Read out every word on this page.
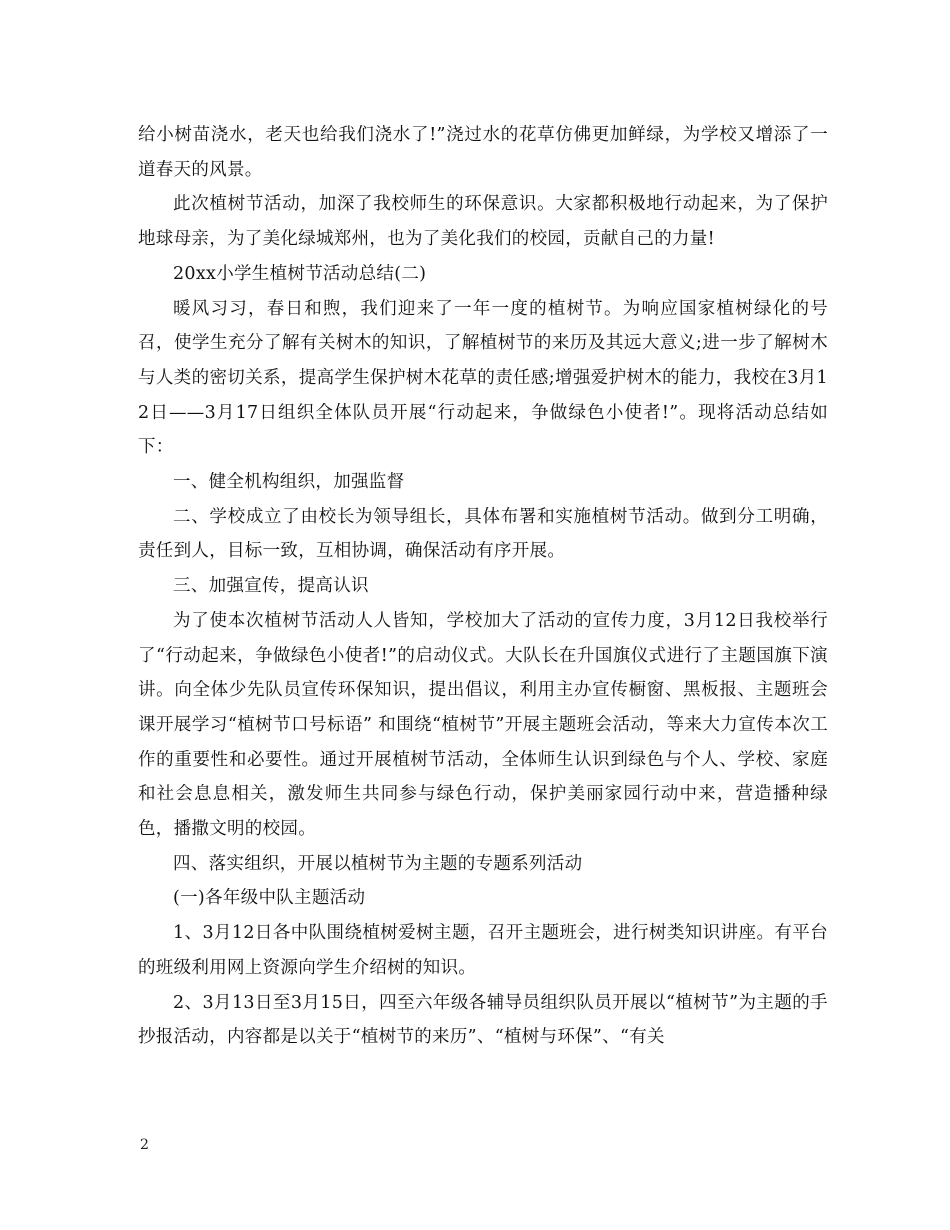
给小树苗浇水，老天也给我们浇水了!”浇过水的花草仿佛更加鲜绿，为学校又增添了一道春天的风景。

此次植树节活动，加深了我校师生的环保意识。大家都积极地行动起来，为了保护地球母亲，为了美化绿城郑州，也为了美化我们的校园，贡献自己的力量!

20xx小学生植树节活动总结(二)

暖风习习，春日和煦，我们迎来了一年一度的植树节。为响应国家植树绿化的号召，使学生充分了解有关树木的知识，了解植树节的来历及其远大意义;进一步了解树木与人类的密切关系，提高学生保护树木花草的责任感;增强爱护树木的能力，我校在3月12日——3月17日组织全体队员开展“行动起来，争做绿色小使者!”。现将活动总结如下：

一、健全机构组织，加强监督

二、学校成立了由校长为领导组长，具体布署和实施植树节活动。做到分工明确，责任到人，目标一致，互相协调，确保活动有序开展。

三、加强宣传，提高认识

为了使本次植树节活动人人皆知，学校加大了活动的宣传力度，3月12日我校举行了“行动起来，争做绿色小使者!”的启动仪式。大队长在升国旗仪式进行了主题国旗下演讲。向全体少先队员宣传环保知识，提出倡议，利用主办宣传橱窗、黑板报、主题班会课开展学习“植树节口号标语” 和围绕“植树节”开展主题班会活动，等来大力宣传本次工作的重要性和必要性。通过开展植树节活动，全体师生认识到绿色与个人、学校、家庭和社会息息相关，激发师生共同参与绿色行动，保护美丽家园行动中来，营造播种绿色，播撒文明的校园。

四、落实组织，开展以植树节为主题的专题系列活动

(一)各年级中队主题活动

1、3月12日各中队围绕植树爱树主题，召开主题班会，进行树类知识讲座。有平台的班级利用网上资源向学生介绍树的知识。

2、3月13日至3月15日，四至六年级各辅导员组织队员开展以“植树节”为主题的手抄报活动，内容都是以关于“植树节的来历”、“植树与环保”、“有关

2
